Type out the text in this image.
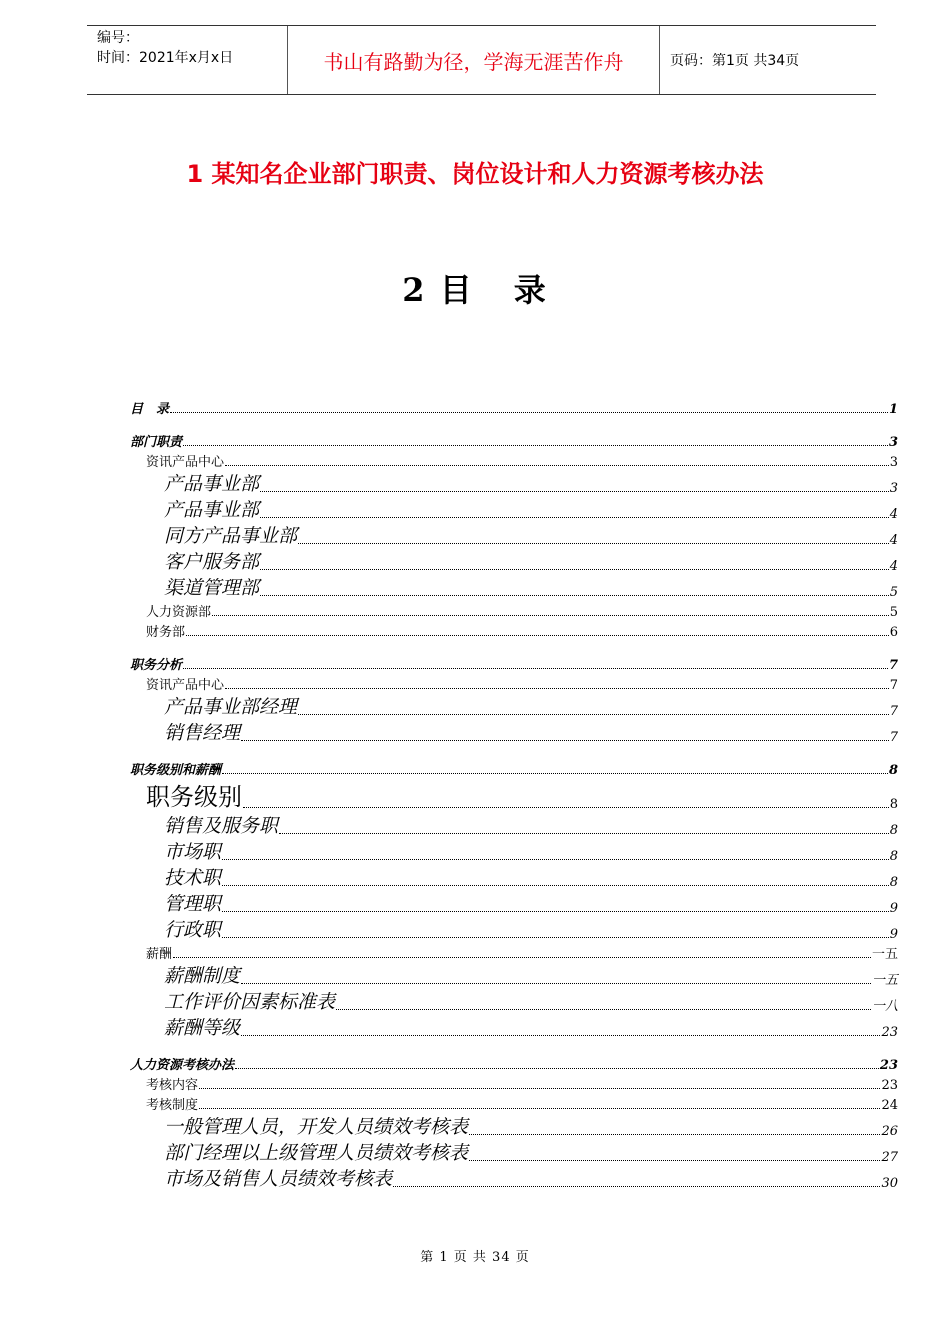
编号：
时间：2021年x月x日	书山有路勤为径，学海无涯苦作舟	页码：第1页 共34页
1 某知名企业部门职责、岗位设计和人力资源考核办法
2 目 录
目　录	1
部门职责	3
资讯产品中心	3
产品事业部	3
产品事业部	4
同方产品事业部	4
客户服务部	4
渠道管理部	5
人力资源部	5
财务部	6
职务分析	7
资讯产品中心	7
产品事业部经理	7
销售经理	7
职务级别和薪酬	8
职务级别	8
销售及服务职	8
市场职	8
技术职	8
管理职	9
行政职	9
薪酬	一五
薪酬制度	一五
工作评价因素标准表	一八
薪酬等级	23
人力资源考核办法	23
考核内容	23
考核制度	24
一般管理人员，开发人员绩效考核表	26
部门经理以上级管理人员绩效考核表	27
市场及销售人员绩效考核表	30
第 1 页 共 34 页
